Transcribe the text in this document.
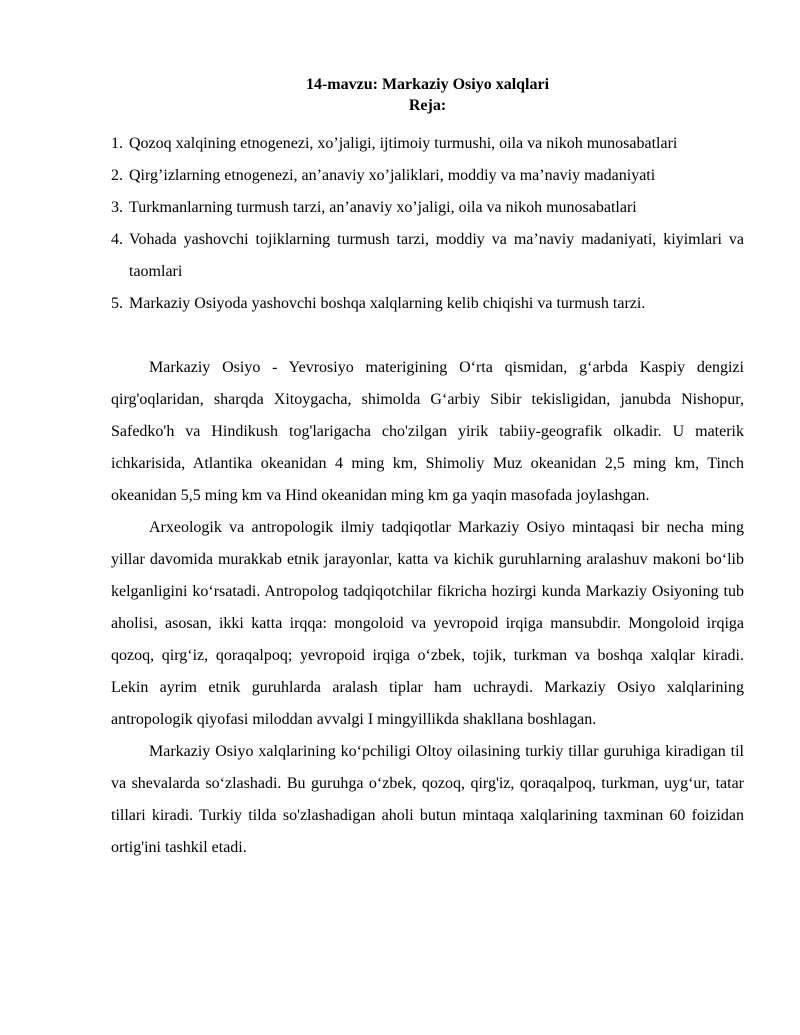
14-mavzu: Markaziy Osiyo xalqlari
Reja:
1. Qozoq xalqining etnogenezi, xo’jaligi, ijtimoiy turmushi, oila va nikoh munosabatlari
2. Qirg’izlarning etnogenezi, an’anaviy xo’jaliklari, moddiy va ma’naviy madaniyati
3. Turkmanlarning turmush tarzi, an’anaviy xo’jaligi, oila va nikoh munosabatlari
4. Vohada yashovchi tojiklarning turmush tarzi, moddiy va ma’naviy madaniyati, kiyimlari va taomlari
5. Markaziy Osiyoda yashovchi boshqa xalqlarning kelib chiqishi va turmush tarzi.

Markaziy Osiyo - Yevrosiyo materigining O‘rta qismidan, g‘arbda Kaspiy dengizi qirg'oqlaridan, sharqda Xitoygacha, shimolda G‘arbiy Sibir tekisligidan, janubda Nishopur, Safedko'h va Hindikush tog'larigacha cho'zilgan yirik tabiiy-geografik olkadir. U materik ichkarisida, Atlantika okeanidan 4 ming km, Shimoliy Muz okeanidan 2,5 ming km, Tinch okeanidan 5,5 ming km va Hind okeanidan ming km ga yaqin masofada joylashgan.

Arxeologik va antropologik ilmiy tadqiqotlar Markaziy Osiyo mintaqasi bir necha ming yillar davomida murakkab etnik jarayonlar, katta va kichik guruhlarning aralashuv makoni bo‘lib kelganligini ko‘rsatadi. Antropolog tadqiqotchilar fikricha hozirgi kunda Markaziy Osiyoning tub aholisi, asosan, ikki katta irqqa: mongoloid va yevropoid irqiga mansubdir. Mongoloid irqiga qozoq, qirg‘iz, qoraqalpoq; yevropoid irqiga o‘zbek, tojik, turkman va boshqa xalqlar kiradi. Lekin ayrim etnik guruhlarda aralash tiplar ham uchraydi. Markaziy Osiyo xalqlarining antropologik qiyofasi miloddan avvalgi I mingyillikda shakllana boshlagan.

Markaziy Osiyo xalqlarining ko‘pchiligi Oltoy oilasining turkiy tillar guruhiga kiradigan til va shevalarda so‘zlashadi. Bu guruhga o‘zbek, qozoq, qirg'iz, qoraqalpoq, turkman, uyg‘ur, tatar tillari kiradi. Turkiy tilda so'zlashadigan aholi butun mintaqa xalqlarining taxminan 60 foizidan ortig'ini tashkil etadi.
